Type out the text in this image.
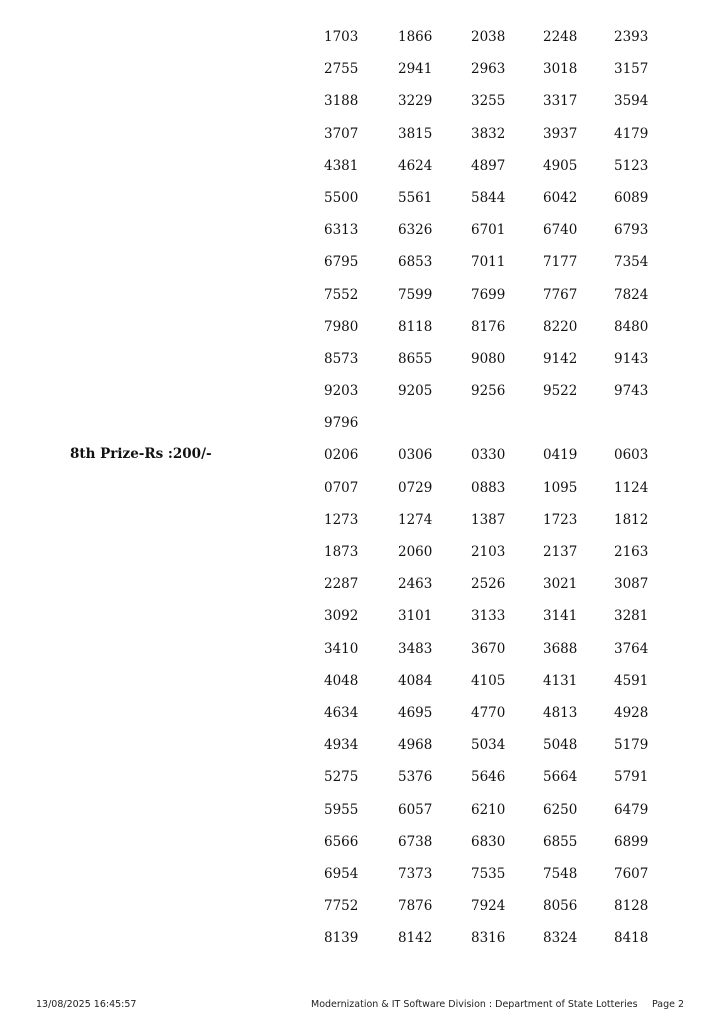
8th Prize-Rs :200/-
1703	1866	2038	2248	2393
2755	2941	2963	3018	3157
3188	3229	3255	3317	3594
3707	3815	3832	3937	4179
4381	4624	4897	4905	5123
5500	5561	5844	6042	6089
6313	6326	6701	6740	6793
6795	6853	7011	7177	7354
7552	7599	7699	7767	7824
7980	8118	8176	8220	8480
8573	8655	9080	9142	9143
9203	9205	9256	9522	9743
9796
0206	0306	0330	0419	0603
0707	0729	0883	1095	1124
1273	1274	1387	1723	1812
1873	2060	2103	2137	2163
2287	2463	2526	3021	3087
3092	3101	3133	3141	3281
3410	3483	3670	3688	3764
4048	4084	4105	4131	4591
4634	4695	4770	4813	4928
4934	4968	5034	5048	5179
5275	5376	5646	5664	5791
5955	6057	6210	6250	6479
6566	6738	6830	6855	6899
6954	7373	7535	7548	7607
7752	7876	7924	8056	8128
8139	8142	8316	8324	8418
13/08/2025 16:45:57	Modernization & IT Software Division : Department of State Lotteries Page 2
